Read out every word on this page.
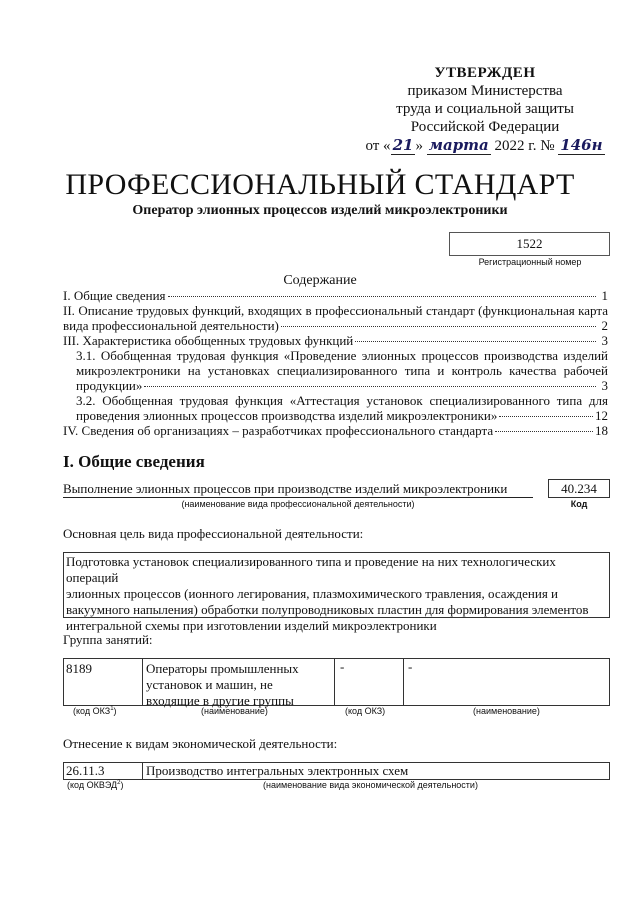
УТВЕРЖДЕН
приказом Министерства
труда и социальной защиты
Российской Федерации
от « 21 » марта 2022 г. № 146н
ПРОФЕССИОНАЛЬНЫЙ СТАНДАРТ
Оператор элионных процессов изделий микроэлектроники
1522
Регистрационный номер
Содержание
I. Общие сведения	1
II. Описание трудовых функций, входящих в профессиональный стандарт (функциональная карта
вида профессиональной деятельности)	2
III. Характеристика обобщенных трудовых функций	3
3.1. Обобщенная трудовая функция «Проведение элионных процессов производства изделий
микроэлектроники на установках специализированного типа и контроль качества рабочей
продукции»	3
3.2. Обобщенная трудовая функция «Аттестация установок специализированного типа для
проведения элионных процессов производства изделий микроэлектроники»	12
IV. Сведения об организациях – разработчиках профессионального стандарта	18
I. Общие сведения
Выполнение элионных процессов при производстве изделий микроэлектроники
(наименование вида профессиональной деятельности)
40.234
Код
Основная цель вида профессиональной деятельности:
Подготовка установок специализированного типа и проведение на них технологических операций
элионных процессов (ионного легирования, плазмохимического травления, осаждения и
вакуумного напыления) обработки полупроводниковых пластин для формирования элементов
интегральной схемы при изготовлении изделий микроэлектроники
Группа занятий:
8189	Операторы промышленных
установок и машин, не
входящие в другие группы
-	-
(код ОКЗ$^1$)	(наименование)	(код ОКЗ)	(наименование)
Отнесение к видам экономической деятельности:
26.11.3	Производство интегральных электронных схем
(код ОКВЭД$^2$)	(наименование вида экономической деятельности)
